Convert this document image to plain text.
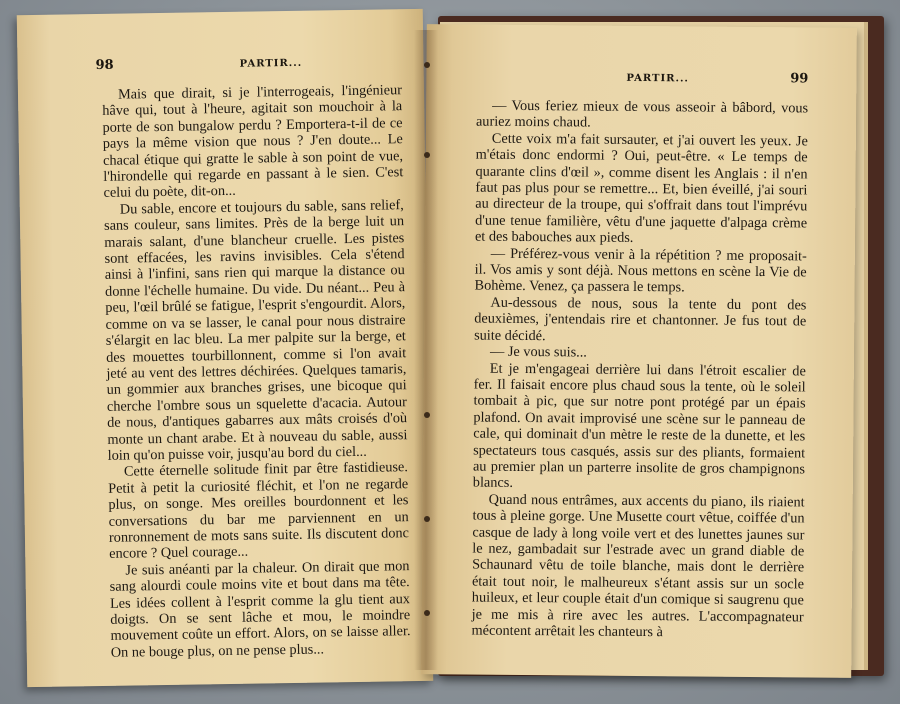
98	PARTIR...

Mais que dirait, si je l'interrogeais, l'ingénieur hâve qui, tout à l'heure, agitait son mouchoir à la porte de son bungalow perdu ? Emportera-t-il de ce pays la même vision que nous ? J'en doute... Le chacal étique qui gratte le sable à son point de vue, l'hirondelle qui regarde en passant à le sien. C'est celui du poète, dit-on...

Du sable, encore et toujours du sable, sans relief, sans couleur, sans limites. Près de la berge luit un marais salant, d'une blancheur cruelle. Les pistes sont effacées, les ravins invisibles. Cela s'étend ainsi à l'infini, sans rien qui marque la distance ou donne l'échelle humaine. Du vide. Du néant... Peu à peu, l'œil brûlé se fatigue, l'esprit s'engourdit. Alors, comme on va se lasser, le canal pour nous distraire s'élargit en lac bleu. La mer palpite sur la berge, et des mouettes tourbillonnent, comme si l'on avait jeté au vent des lettres déchirées. Quelques tamaris, un gommier aux branches grises, une bicoque qui cherche l'ombre sous un squelette d'acacia. Autour de nous, d'antiques gabarres aux mâts croisés d'où monte un chant arabe. Et à nouveau du sable, aussi loin qu'on puisse voir, jusqu'au bord du ciel...

Cette éternelle solitude finit par être fastidieuse. Petit à petit la curiosité fléchit, et l'on ne regarde plus, on songe. Mes oreilles bourdonnent et les conversations du bar me parviennent en un ronronnement de mots sans suite. Ils discutent donc encore ? Quel courage...

Je suis anéanti par la chaleur. On dirait que mon sang alourdi coule moins vite et bout dans ma tête. Les idées collent à l'esprit comme la glu tient aux doigts. On se sent lâche et mou, le moindre mouvement coûte un effort. Alors, on se laisse aller. On ne bouge plus, on ne pense plus...

PARTIR...	99

— Vous feriez mieux de vous asseoir à bâbord, vous auriez moins chaud.

Cette voix m'a fait sursauter, et j'ai ouvert les yeux. Je m'étais donc endormi ? Oui, peut-être. « Le temps de quarante clins d'œil », comme disent les Anglais : il n'en faut pas plus pour se remettre... Et, bien éveillé, j'ai souri au directeur de la troupe, qui s'offrait dans tout l'imprévu d'une tenue familière, vêtu d'une jaquette d'alpaga crème et des babouches aux pieds.

— Préférez-vous venir à la répétition ? me proposait-il. Vos amis y sont déjà. Nous mettons en scène la Vie de Bohème. Venez, ça passera le temps.

Au-dessous de nous, sous la tente du pont des deuxièmes, j'entendais rire et chantonner. Je fus tout de suite décidé.

— Je vous suis...

Et je m'engageai derrière lui dans l'étroit escalier de fer. Il faisait encore plus chaud sous la tente, où le soleil tombait à pic, que sur notre pont protégé par un épais plafond. On avait improvisé une scène sur le panneau de cale, qui dominait d'un mètre le reste de la dunette, et les spectateurs tous casqués, assis sur des pliants, formaient au premier plan un parterre insolite de gros champignons blancs.

Quand nous entrâmes, aux accents du piano, ils riaient tous à pleine gorge. Une Musette court vêtue, coiffée d'un casque de lady à long voile vert et des lunettes jaunes sur le nez, gambadait sur l'estrade avec un grand diable de Schaunard vêtu de toile blanche, mais dont le derrière était tout noir, le malheureux s'étant assis sur un socle huileux, et leur couple était d'un comique si saugrenu que je me mis à rire avec les autres. L'accompagnateur mécontent arrêtait les chanteurs à
